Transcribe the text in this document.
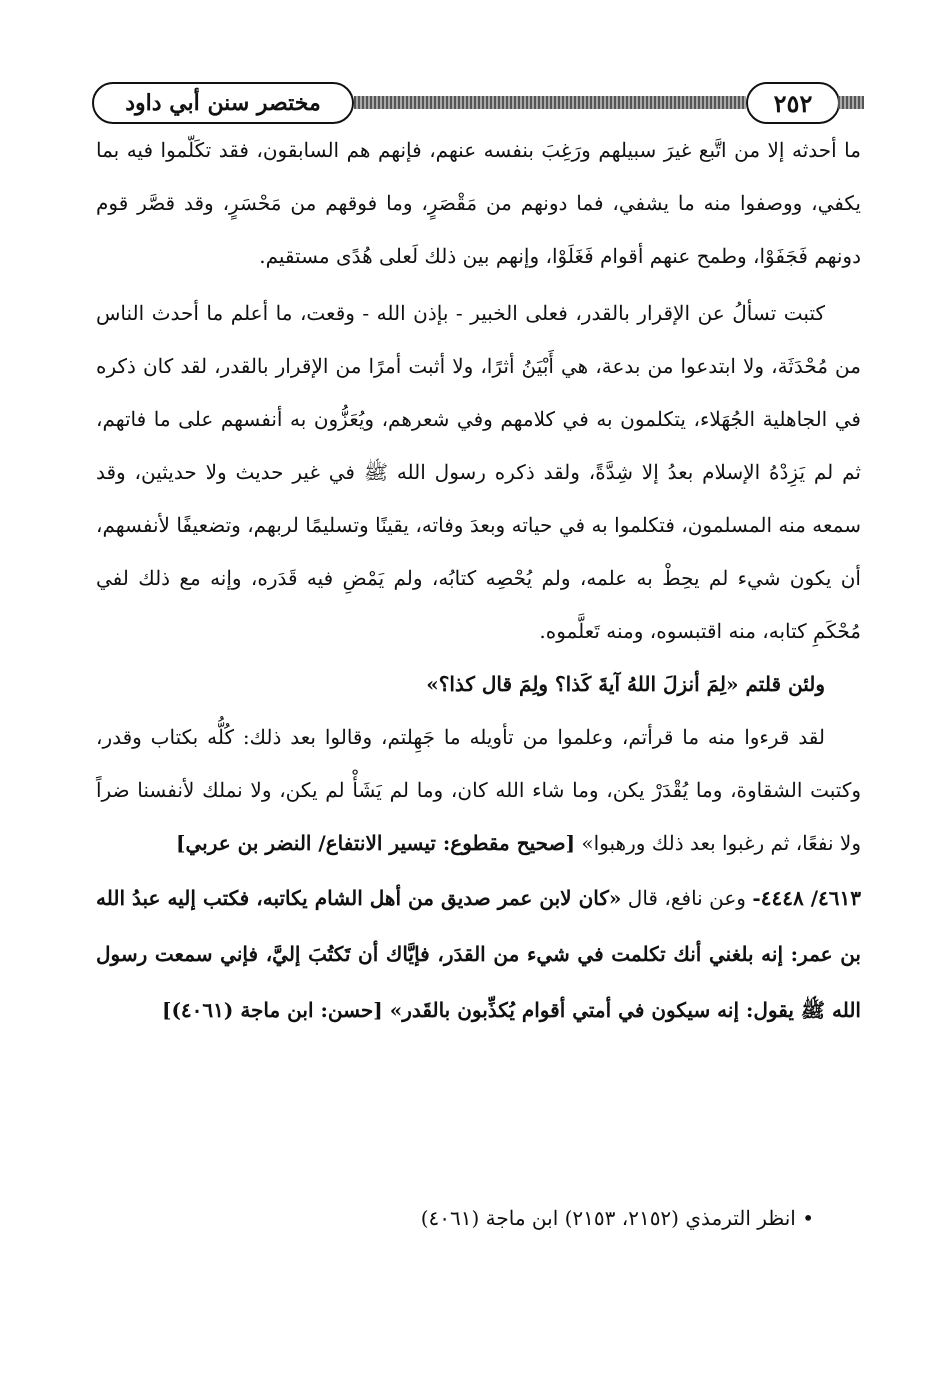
مختصر سنن أبي داود	٢٥٢

ما أحدثه إلا من اتَّبع غيرَ سبيلهم ورَغِبَ بنفسه عنهم، فإنهم هم السابقون، فقد تكَلّموا فيه بما يكفي، ووصفوا منه ما يشفي، فما دونهم من مَقْصَرٍ، وما فوقهم من مَحْسَرٍ، وقد قصَّر قوم دونهم فَجَفَوْا، وطمح عنهم أقوام فَغَلَوْا، وإنهم بين ذلك لَعلى هُدًى مستقيم.

كتبت تسألُ عن الإقرار بالقدر، فعلى الخبير - بإذن الله - وقعت، ما أعلم ما أحدث الناس من مُحْدَثَة، ولا ابتدعوا من بدعة، هي أَبْيَنُ أثرًا، ولا أثبت أمرًا من الإقرار بالقدر، لقد كان ذكره في الجاهلية الجُهَلاء، يتكلمون به في كلامهم وفي شعرهم، ويُعَزُّون به أنفسهم على ما فاتهم، ثم لم يَزِدْهُ الإسلام بعدُ إلا شِدَّةً، ولقد ذكره رسول الله ﷺ في غير حديث ولا حديثين، وقد سمعه منه المسلمون، فتكلموا به في حياته وبعدَ وفاته، يقينًا وتسليمًا لربهم، وتضعيفًا لأنفسهم، أن يكون شيء لم يحِطْ به علمه، ولم يُحْصِه كتابُه، ولم يَمْضِ فيه قَدَره، وإنه مع ذلك لفي مُحْكَمِ كتابه، منه اقتبسوه، ومنه تَعلَّموه.

ولئن قلتم «لِمَ أنزلَ اللهُ آيةَ كَذا؟ ولِمَ قال كذا؟»

لقد قرءوا منه ما قرأتم، وعلموا من تأويله ما جَهِلتم، وقالوا بعد ذلك: كُلُّه بكتاب وقدر، وكتبت الشقاوة، وما يُقْدَرْ يكن، وما شاء الله كان، وما لم يَشَأْ لم يكن، ولا نملك لأنفسنا ضراً ولا نفعًا، ثم رغبوا بعد ذلك ورهبوا» [صحيح مقطوع: تيسير الانتفاع/ النضر بن عربي]

٤٦١٣/ ٤٤٤٨- وعن نافع، قال «كان لابن عمر صديق من أهل الشام يكاتبه، فكتب إليه عبدُ الله بن عمر: إنه بلغني أنك تكلمت في شيء من القدَر، فإيَّاك أن تَكتُبَ إليَّ، فإني سمعت رسول الله ﷺ يقول: إنه سيكون في أمتي أقوام يُكذِّبون بالقَدر» [حسن: ابن ماجة (٤٠٦١)]

• انظر الترمذي (٢١٥٢، ٢١٥٣) ابن ماجة (٤٠٦١)
